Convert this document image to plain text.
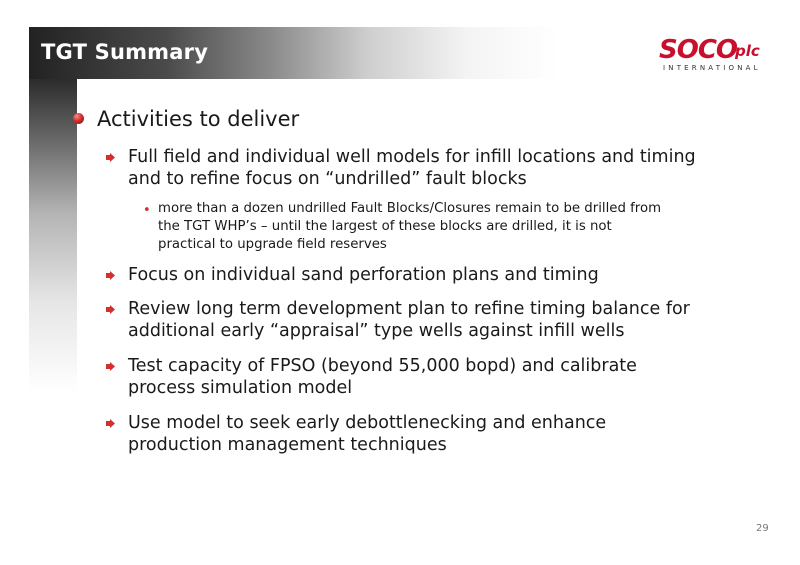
TGT Summary	SOCO
plc
INTERNATIONAL
Activities to deliver
Full field and individual well models for infill locations and timing
and to refine focus on “undrilled” fault blocks
• more than a dozen undrilled Fault Blocks/Closures remain to be drilled from
the TGT WHP’s – until the largest of these blocks are drilled, it is not
practical to upgrade field reserves
Focus on individual sand perforation plans and timing
Review long term development plan to refine timing balance for
additional early “appraisal” type wells against infill wells
Test capacity of FPSO (beyond 55,000 bopd) and calibrate
process simulation model
Use model to seek early debottlenecking and enhance
production management techniques
29
